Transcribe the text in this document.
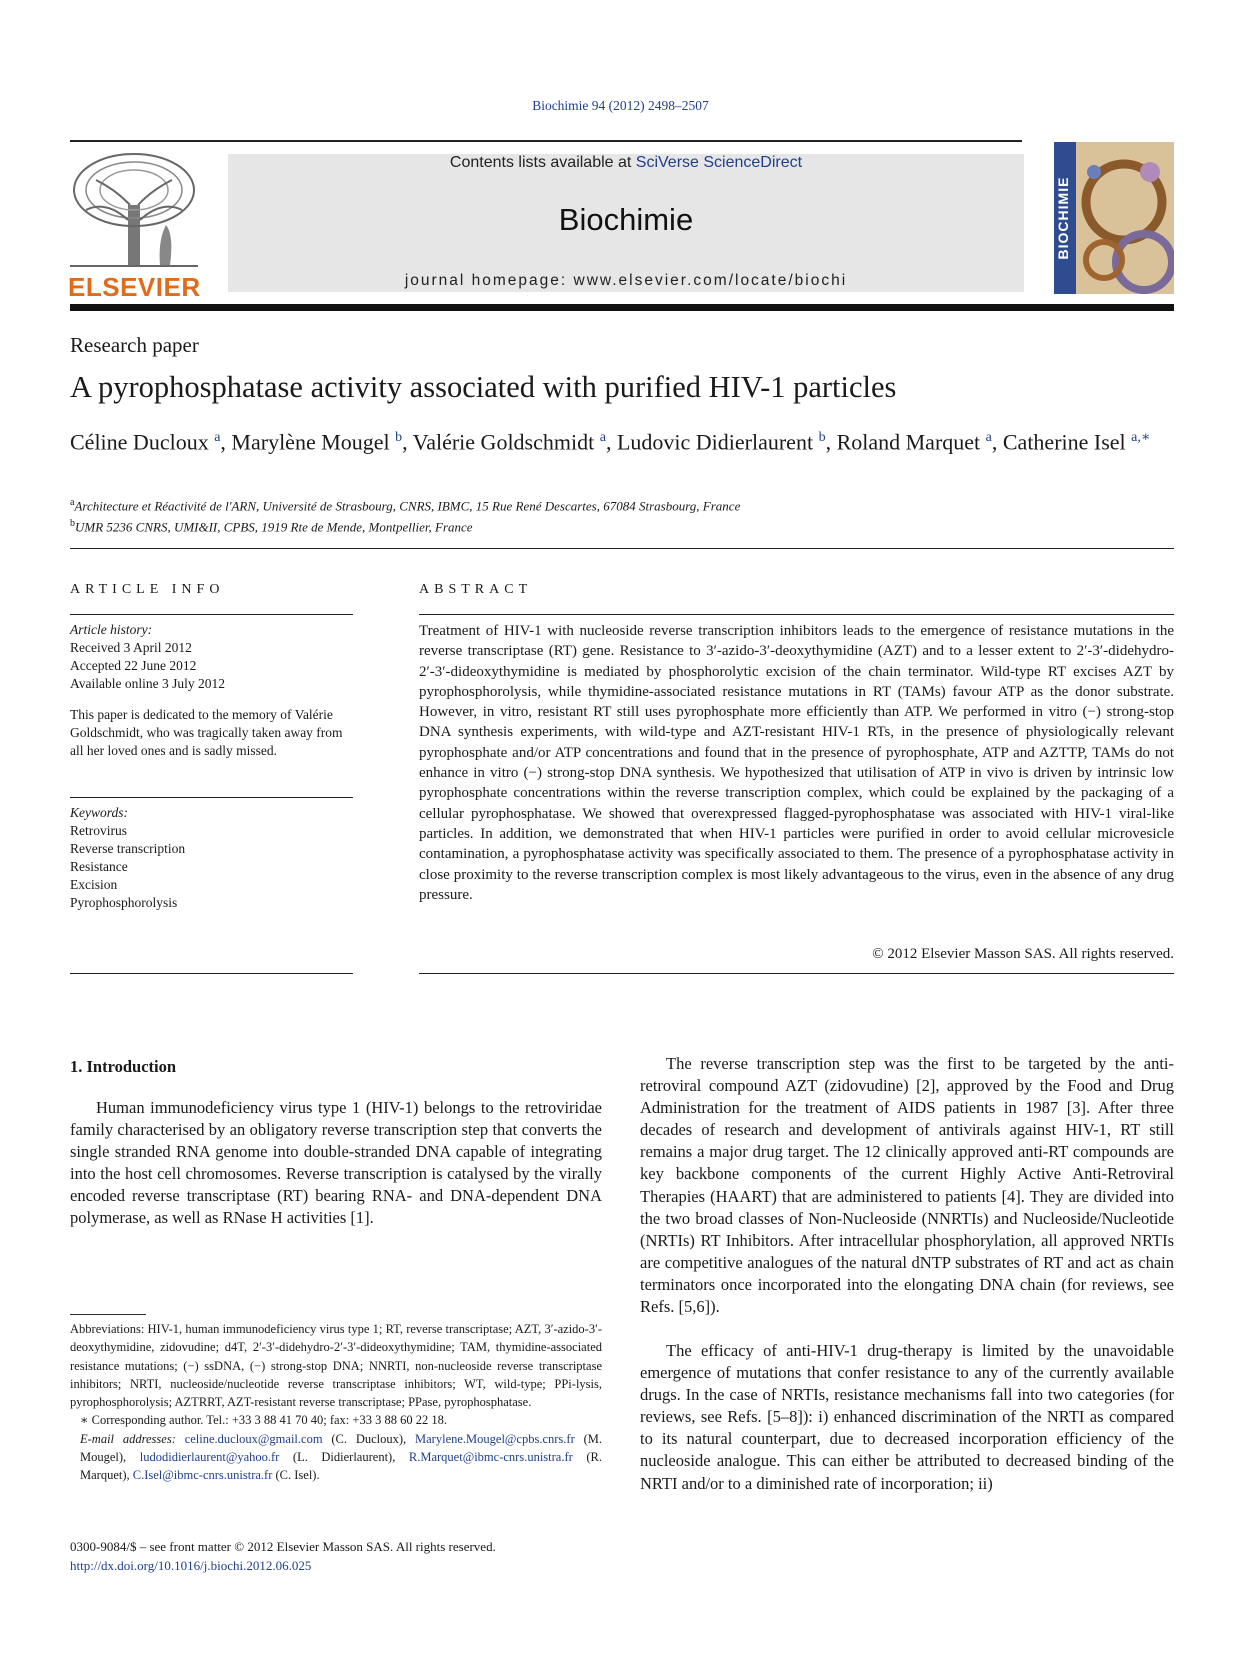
Biochimie 94 (2012) 2498–2507
ELSEVIER
Contents lists available at SciVerse ScienceDirect
Biochimie
journal homepage: www.elsevier.com/locate/biochi
BIOCHIMIE
Research paper
A pyrophosphatase activity associated with purified HIV-1 particles
Céline Ducloux $^a$, Marylène Mougel $^b$, Valérie Goldschmidt $^a$, Ludovic Didierlaurent $^b$, Roland Marquet $^a$, Catherine Isel $^{a,∗}$
$^a$Architecture et Réactivité de l'ARN, Université de Strasbourg, CNRS, IBMC, 15 Rue René Descartes, 67084 Strasbourg, France
$^b$UMR 5236 CNRS, UMI&II, CPBS, 1919 Rte de Mende, Montpellier, France
ARTICLE INFO
Article history:
Received 3 April 2012
Accepted 22 June 2012
Available online 3 July 2012
This paper is dedicated to the memory of Valérie Goldschmidt, who was tragically taken away from all her loved ones and is sadly missed.
Keywords:
Retrovirus
Reverse transcription
Resistance
Excision
Pyrophosphorolysis
ABSTRACT
Treatment of HIV-1 with nucleoside reverse transcription inhibitors leads to the emergence of resistance mutations in the reverse transcriptase (RT) gene. Resistance to 3′-azido-3′-deoxythymidine (AZT) and to a lesser extent to 2′-3′-didehydro-2′-3′-dideoxythymidine is mediated by phosphorolytic excision of the chain terminator. Wild-type RT excises AZT by pyrophosphorolysis, while thymidine-associated resistance mutations in RT (TAMs) favour ATP as the donor substrate. However, in vitro, resistant RT still uses pyrophosphate more efficiently than ATP. We performed in vitro (−) strong-stop DNA synthesis experiments, with wild-type and AZT-resistant HIV-1 RTs, in the presence of physiologically relevant pyrophosphate and/or ATP concentrations and found that in the presence of pyrophosphate, ATP and AZTTP, TAMs do not enhance in vitro (−) strong-stop DNA synthesis. We hypothesized that utilisation of ATP in vivo is driven by intrinsic low pyrophosphate concentrations within the reverse transcription complex, which could be explained by the packaging of a cellular pyrophosphatase. We showed that overexpressed flagged-pyrophosphatase was associated with HIV-1 viral-like particles. In addition, we demonstrated that when HIV-1 particles were purified in order to avoid cellular microvesicle contamination, a pyrophosphatase activity was specifically associated to them. The presence of a pyrophosphatase activity in close proximity to the reverse transcription complex is most likely advantageous to the virus, even in the absence of any drug pressure.
© 2012 Elsevier Masson SAS. All rights reserved.
1. Introduction
Human immunodeficiency virus type 1 (HIV-1) belongs to the retroviridae family characterised by an obligatory reverse transcription step that converts the single stranded RNA genome into double-stranded DNA capable of integrating into the host cell chromosomes. Reverse transcription is catalysed by the virally encoded reverse transcriptase (RT) bearing RNA- and DNA-dependent DNA polymerase, as well as RNase H activities [1].
Abbreviations: HIV-1, human immunodeficiency virus type 1; RT, reverse transcriptase; AZT, 3′-azido-3′-deoxythymidine, zidovudine; d4T, 2′-3′-didehydro-2′-3′-dideoxythymidine; TAM, thymidine-associated resistance mutations; (−) ssDNA, (−) strong-stop DNA; NNRTI, non-nucleoside reverse transcriptase inhibitors; NRTI, nucleoside/nucleotide reverse transcriptase inhibitors; WT, wild-type; PPi-lysis, pyrophosphorolysis; AZTRRT, AZT-resistant reverse transcriptase; PPase, pyrophosphatase.
∗ Corresponding author. Tel.: +33 3 88 41 70 40; fax: +33 3 88 60 22 18.
E-mail addresses: celine.ducloux@gmail.com (C. Ducloux), Marylene.Mougel@cpbs.cnrs.fr (M. Mougel), ludodidierlaurent@yahoo.fr (L. Didierlaurent), R.Marquet@ibmc-cnrs.unistra.fr (R. Marquet), C.Isel@ibmc-cnrs.unistra.fr (C. Isel).
0300-9084/$ – see front matter © 2012 Elsevier Masson SAS. All rights reserved.
http://dx.doi.org/10.1016/j.biochi.2012.06.025
The reverse transcription step was the first to be targeted by the anti-retroviral compound AZT (zidovudine) [2], approved by the Food and Drug Administration for the treatment of AIDS patients in 1987 [3]. After three decades of research and development of antivirals against HIV-1, RT still remains a major drug target. The 12 clinically approved anti-RT compounds are key backbone components of the current Highly Active Anti-Retroviral Therapies (HAART) that are administered to patients [4]. They are divided into the two broad classes of Non-Nucleoside (NNRTIs) and Nucleoside/Nucleotide (NRTIs) RT Inhibitors. After intracellular phosphorylation, all approved NRTIs are competitive analogues of the natural dNTP substrates of RT and act as chain terminators once incorporated into the elongating DNA chain (for reviews, see Refs. [5,6]).
The efficacy of anti-HIV-1 drug-therapy is limited by the unavoidable emergence of mutations that confer resistance to any of the currently available drugs. In the case of NRTIs, resistance mechanisms fall into two categories (for reviews, see Refs. [5–8]): i) enhanced discrimination of the NRTI as compared to its natural counterpart, due to decreased incorporation efficiency of the nucleoside analogue. This can either be attributed to decreased binding of the NRTI and/or to a diminished rate of incorporation; ii)
